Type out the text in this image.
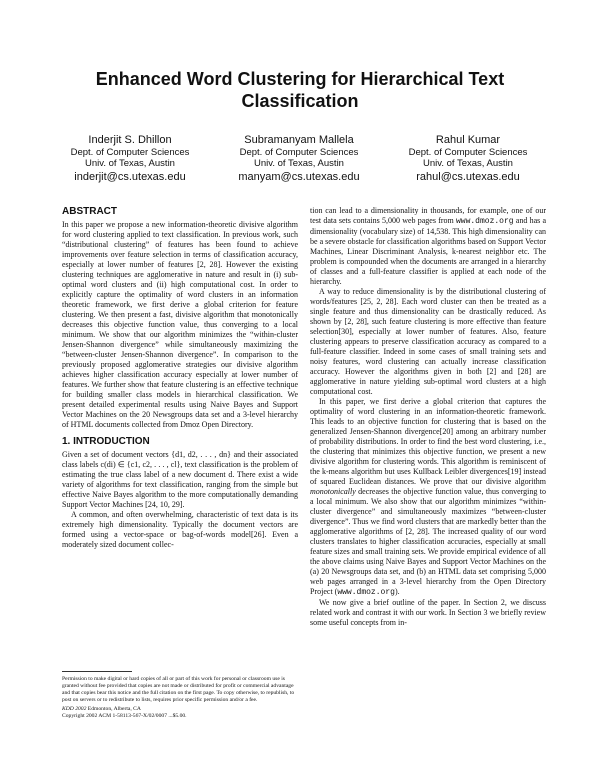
Enhanced Word Clustering for Hierarchical Text Classification
Inderjit S. Dhillon
Dept. of Computer Sciences
Univ. of Texas, Austin
inderjit@cs.utexas.edu
Subramanyam Mallela
Dept. of Computer Sciences
Univ. of Texas, Austin
manyam@cs.utexas.edu
Rahul Kumar
Dept. of Computer Sciences
Univ. of Texas, Austin
rahul@cs.utexas.edu
ABSTRACT

In this paper we propose a new information-theoretic divisive algorithm for word clustering applied to text classification. In previous work, such “distributional clustering” of features has been found to achieve improvements over feature selection in terms of classification accuracy, especially at lower number of features [2, 28]. However the existing clustering techniques are agglomerative in nature and result in (i) sub-optimal word clusters and (ii) high computational cost. In order to explicitly capture the optimality of word clusters in an information theoretic framework, we first derive a global criterion for feature clustering. We then present a fast, divisive algorithm that monotonically decreases this objective function value, thus converging to a local minimum. We show that our algorithm minimizes the “within-cluster Jensen-Shannon divergence” while simultaneously maximizing the “between-cluster Jensen-Shannon divergence”. In comparison to the previously proposed agglomerative strategies our divisive algorithm achieves higher classification accuracy especially at lower number of features. We further show that feature clustering is an effective technique for building smaller class models in hierarchical classification. We present detailed experimental results using Naive Bayes and Support Vector Machines on the 20 Newsgroups data set and a 3-level hierarchy of HTML documents collected from Dmoz Open Directory.

1. INTRODUCTION

Given a set of document vectors {d1, d2, . . . , dn} and their associated class labels c(di) ∈ {c1, c2, . . . , cl}, text classification is the problem of estimating the true class label of a new document d. There exist a wide variety of algorithms for text classification, ranging from the simple but effective Naive Bayes algorithm to the more computationally demanding Support Vector Machines [24, 10, 29].

A common, and often overwhelming, characteristic of text data is its extremely high dimensionality. Typically the document vectors are formed using a vector-space or bag-of-words model[26]. Even a moderately sized document collec-

Permission to make digital or hard copies of all or part of this work for personal or classroom use is granted without fee provided that copies are not made or distributed for profit or commercial advantage and that copies bear this notice and the full citation on the first page. To copy otherwise, to republish, to post on servers or to redistribute to lists, requires prior specific permission and/or a fee.

KDD 2002 Edmonton, Alberta, CA

Copyright 2002 ACM 1-58113-567-X/02/0007 ...$5.00.

tion can lead to a dimensionality in thousands, for example, one of our test data sets contains 5,000 web pages from www.dmoz.org and has a dimensionality (vocabulary size) of 14,538. This high dimensionality can be a severe obstacle for classification algorithms based on Support Vector Machines, Linear Discriminant Analysis, k-nearest neighbor etc. The problem is compounded when the documents are arranged in a hierarchy of classes and a full-feature classifier is applied at each node of the hierarchy.

A way to reduce dimensionality is by the distributional clustering of words/features [25, 2, 28]. Each word cluster can then be treated as a single feature and thus dimensionality can be drastically reduced. As shown by [2, 28], such feature clustering is more effective than feature selection[30], especially at lower number of features. Also, feature clustering appears to preserve classification accuracy as compared to a full-feature classifier. Indeed in some cases of small training sets and noisy features, word clustering can actually increase classification accuracy. However the algorithms given in both [2] and [28] are agglomerative in nature yielding sub-optimal word clusters at a high computational cost.

In this paper, we first derive a global criterion that captures the optimality of word clustering in an information-theoretic framework. This leads to an objective function for clustering that is based on the generalized Jensen-Shannon divergence[20] among an arbitrary number of probability distributions. In order to find the best word clustering, i.e., the clustering that minimizes this objective function, we present a new divisive algorithm for clustering words. This algorithm is reminiscent of the k-means algorithm but uses Kullback Leibler divergences[19] instead of squared Euclidean distances. We prove that our divisive algorithm monotonically decreases the objective function value, thus converging to a local minimum. We also show that our algorithm minimizes “within-cluster divergence” and simultaneously maximizes “between-cluster divergence”. Thus we find word clusters that are markedly better than the agglomerative algorithms of [2, 28]. The increased quality of our word clusters translates to higher classification accuracies, especially at small feature sizes and small training sets. We provide empirical evidence of all the above claims using Naive Bayes and Support Vector Machines on the (a) 20 Newsgroups data set, and (b) an HTML data set comprising 5,000 web pages arranged in a 3-level hierarchy from the Open Directory Project (www.dmoz.org).

We now give a brief outline of the paper. In Section 2, we discuss related work and contrast it with our work. In Section 3 we briefly review some useful concepts from in-
